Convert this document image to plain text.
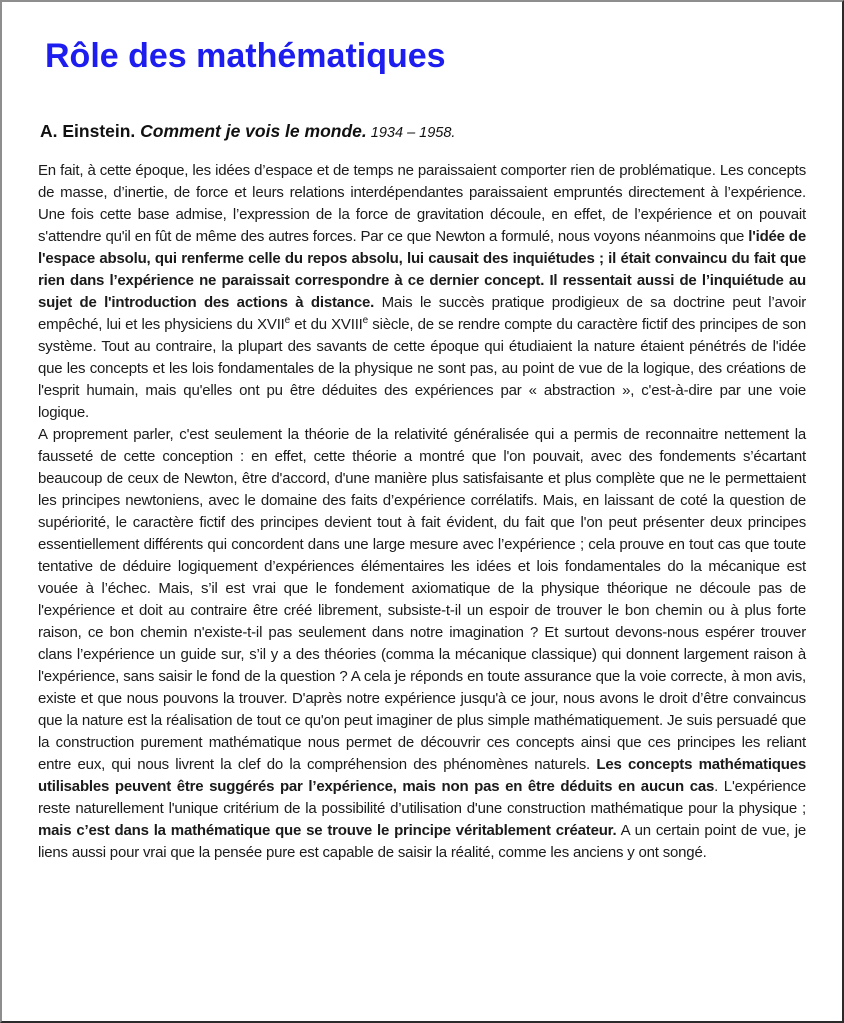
Rôle des mathématiques

A. Einstein. Comment je vois le monde. 1934 – 1958.

En fait, à cette époque, les idées d’espace et de temps ne paraissaient comporter rien de problématique. Les concepts de masse, d’inertie, de force et leurs relations interdépendantes paraissaient empruntés directement à l’expérience. Une fois cette base admise, l’expression de la force de gravitation découle, en effet, de l’expérience et on pouvait s'attendre qu'il en fût de même des autres forces. Par ce que Newton a formulé, nous voyons néanmoins que l'idée de l'espace absolu, qui renferme celle du repos absolu, lui causait des inquiétudes ; il était convaincu du fait que rien dans l’expérience ne paraissait correspondre à ce dernier concept. Il ressentait aussi de l’inquiétude au sujet de l'introduction des actions à distance. Mais le succès pratique prodigieux de sa doctrine peut l’avoir empêché, lui et les physiciens du XVIIe et du XVIIIe siècle, de se rendre compte du caractère fictif des principes de son système. Tout au contraire, la plupart des savants de cette époque qui étudiaient la nature étaient pénétrés de l'idée que les concepts et les lois fondamentales de la physique ne sont pas, au point de vue de la logique, des créations de l'esprit humain, mais qu'elles ont pu être déduites des expériences par « abstraction », c'est-à-dire par une voie logique.

A proprement parler, c'est seulement la théorie de la relativité généralisée qui a permis de reconnaitre nettement la fausseté de cette conception : en effet, cette théorie a montré que l'on pouvait, avec des fondements s’écartant beaucoup de ceux de Newton, être d'accord, d'une manière plus satisfaisante et plus complète que ne le permettaient les principes newtoniens, avec le domaine des faits d’expérience corrélatifs. Mais, en laissant de coté la question de supériorité, le caractère fictif des principes devient tout à fait évident, du fait que l'on peut présenter deux principes essentiellement différents qui concordent dans une large mesure avec l’expérience ; cela prouve en tout cas que toute tentative de déduire logiquement d’expériences élémentaires les idées et lois fondamentales do la mécanique est vouée à l’échec. Mais, s’il est vrai que le fondement axiomatique de la physique théorique ne découle pas de l'expérience et doit au contraire être créé librement, subsiste-t-il un espoir de trouver le bon chemin ou à plus forte raison, ce bon chemin n'existe-t-il pas seulement dans notre imagination ? Et surtout devons-nous espérer trouver clans l’expérience un guide sur, s’il y a des théories (comma la mécanique classique) qui donnent largement raison à l'expérience, sans saisir le fond de la question ? A cela je réponds en toute assurance que la voie correcte, à mon avis, existe et que nous pouvons la trouver. D'après notre expérience jusqu'à ce jour, nous avons le droit d’être convaincus que la nature est la réalisation de tout ce qu'on peut imaginer de plus simple mathématiquement. Je suis persuadé que la construction purement mathématique nous permet de découvrir ces concepts ainsi que ces principes les reliant entre eux, qui nous livrent la clef do la compréhension des phénomènes naturels. Les concepts mathématiques utilisables peuvent être suggérés par l’expérience, mais non pas en être déduits en aucun cas. L'expérience reste naturellement l'unique critérium de la possibilité d’utilisation d'une construction mathématique pour la physique ; mais c’est dans la mathématique que se trouve le principe véritablement créateur. A un certain point de vue, je liens aussi pour vrai que la pensée pure est capable de saisir la réalité, comme les anciens y ont songé.
